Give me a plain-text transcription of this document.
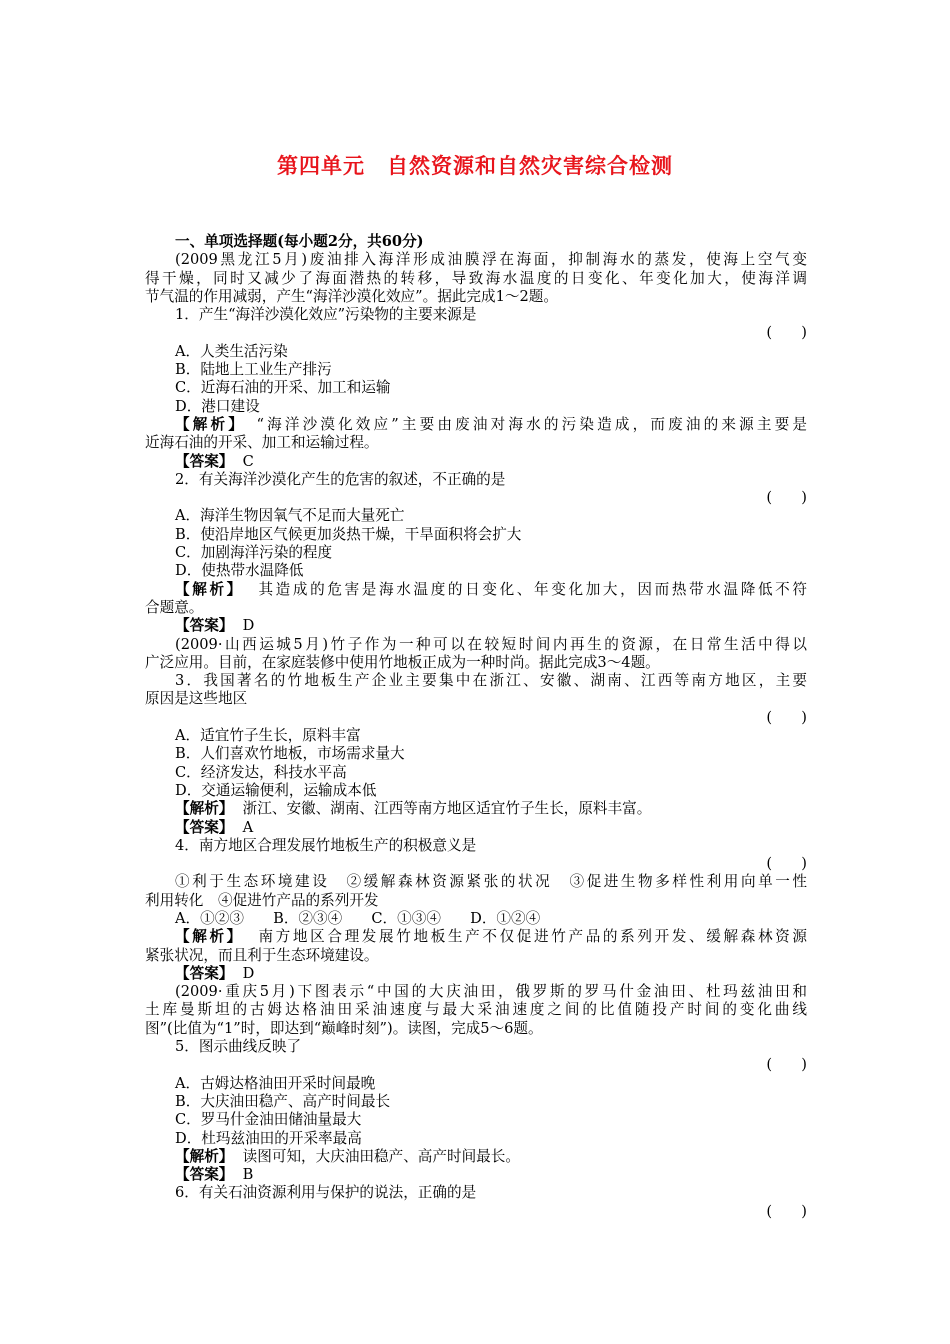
第四单元　自然资源和自然灾害综合检测
一、单项选择题(每小题2分，共60分)
(2009黑龙江5月)废油排入海洋形成油膜浮在海面，抑制海水的蒸发，使海上空气变
得干燥，同时又减少了海面潜热的转移，导致海水温度的日变化、年变化加大，使海洋调
节气温的作用减弱，产生“海洋沙漠化效应”。据此完成1～2题。
1．产生“海洋沙漠化效应”污染物的主要来源是
(　　)
A．人类生活污染
B．陆地上工业生产排污
C．近海石油的开采、加工和运输
D．港口建设
【解析】　“海洋沙漠化效应”主要由废油对海水的污染造成，而废油的来源主要是
近海石油的开采、加工和运输过程。
【答案】 C
2．有关海洋沙漠化产生的危害的叙述，不正确的是
(　　)
A．海洋生物因氧气不足而大量死亡
B．使沿岸地区气候更加炎热干燥，干旱面积将会扩大
C．加剧海洋污染的程度
D．使热带水温降低
【解析】 其造成的危害是海水温度的日变化、年变化加大，因而热带水温降低不符
合题意。
【答案】 D
(2009·山西运城5月)竹子作为一种可以在较短时间内再生的资源，在日常生活中得以
广泛应用。目前，在家庭装修中使用竹地板正成为一种时尚。据此完成3～4题。
3．我国著名的竹地板生产企业主要集中在浙江、安徽、湖南、江西等南方地区，主要
原因是这些地区
(　　)
A．适宜竹子生长，原料丰富
B．人们喜欢竹地板，市场需求量大
C．经济发达，科技水平高
D．交通运输便利，运输成本低
【解析】 浙江、安徽、湖南、江西等南方地区适宜竹子生长，原料丰富。
【答案】 A
4．南方地区合理发展竹地板生产的积极意义是
(　　)
①利于生态环境建设　②缓解森林资源紧张的状况　③促进生物多样性利用向单一性
利用转化　④促进竹产品的系列开发
A．①②③　　B．②③④　　C．①③④　　D．①②④
【解析】 南方地区合理发展竹地板生产不仅促进竹产品的系列开发、缓解森林资源
紧张状况，而且利于生态环境建设。
【答案】 D
(2009·重庆5月)下图表示“中国的大庆油田，俄罗斯的罗马什金油田、杜玛兹油田和
土库曼斯坦的古姆达格油田采油速度与最大采油速度之间的比值随投产时间的变化曲线
图”(比值为“1”时，即达到“巅峰时刻”)。读图，完成5～6题。
5．图示曲线反映了
(　　)
A．古姆达格油田开采时间最晚
B．大庆油田稳产、高产时间最长
C．罗马什金油田储油量最大
D．杜玛兹油田的开采率最高
【解析】 读图可知，大庆油田稳产、高产时间最长。
【答案】 B
6．有关石油资源利用与保护的说法，正确的是
(　　)
